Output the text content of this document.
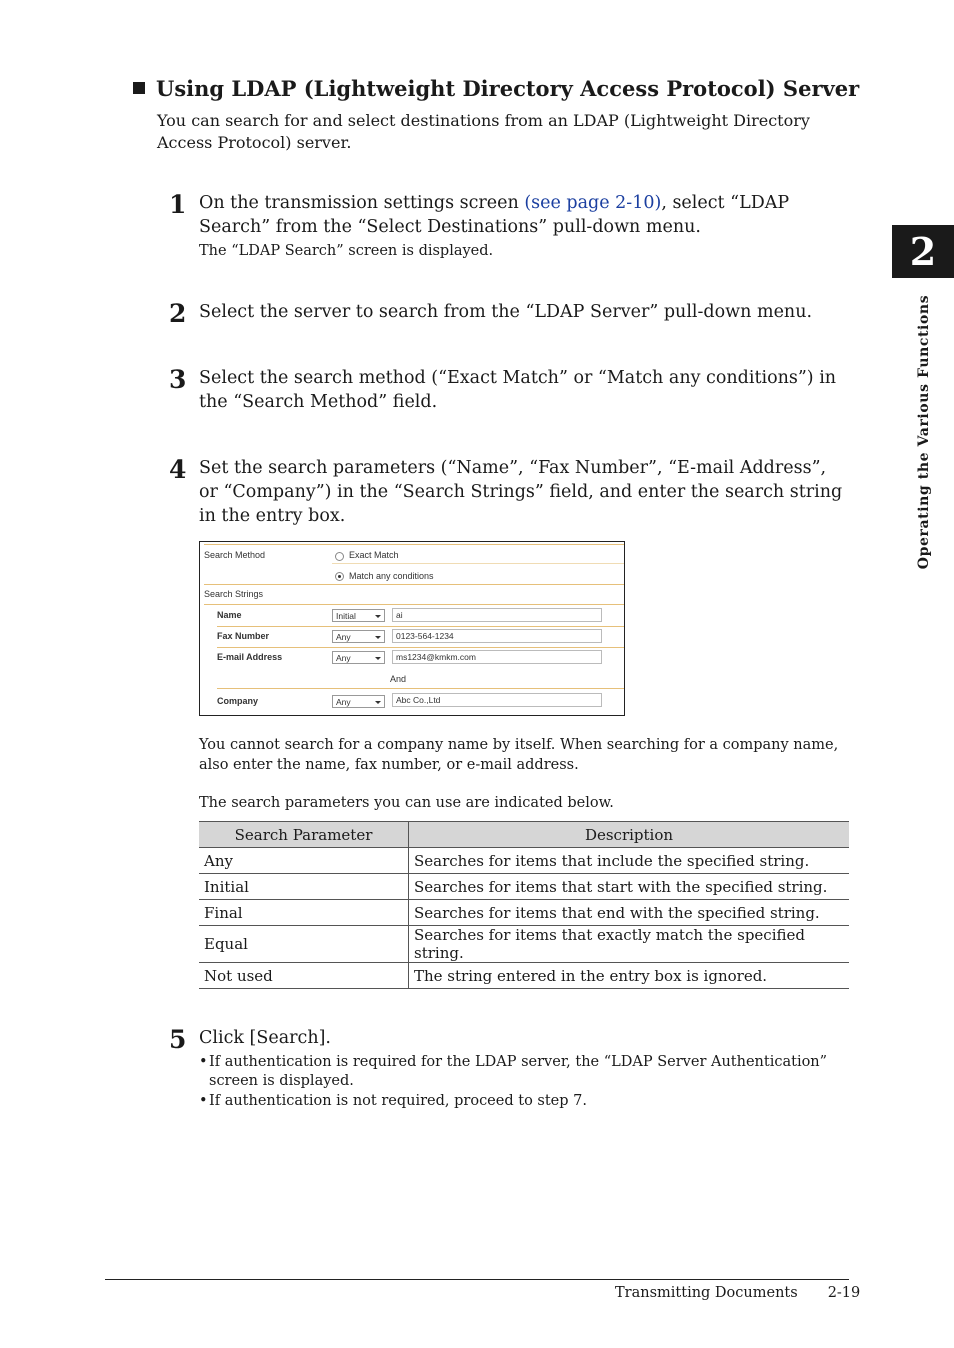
Using LDAP (Lightweight Directory Access Protocol) Server
You can search for and select destinations from an LDAP (Lightweight Directory Access Protocol) server.
1 On the transmission settings screen (see page 2-10), select “LDAP Search” from the “Select Destinations” pull-down menu.
The “LDAP Search” screen is displayed.
2 Select the server to search from the “LDAP Server” pull-down menu.
3 Select the search method (“Exact Match” or “Match any conditions”) in the “Search Method” field.
4 Set the search parameters (“Name”, “Fax Number”, “E-mail Address”, or “Company”) in the “Search Strings” field, and enter the search string in the entry box.
Search Method	Exact Match
Match any conditions
Search Strings
Name	Initial	ai
Fax Number	Any	0123-564-1234
E-mail Address	Any	ms1234@kmkm.com
And
Company	Any	Abc Co.,Ltd
You cannot search for a company name by itself. When searching for a company name, also enter the name, fax number, or e-mail address.
The search parameters you can use are indicated below.
Search Parameter	Description
Any	Searches for items that include the specified string.
Initial	Searches for items that start with the specified string.
Final	Searches for items that end with the specified string.
Equal	Searches for items that exactly match the specified string.
Not used	The string entered in the entry box is ignored.
5 Click [Search].
• If authentication is required for the LDAP server, the “LDAP Server Authentication” screen is displayed.
• If authentication is not required, proceed to step 7.
Transmitting Documents 2-19
2
Operating the Various Functions
